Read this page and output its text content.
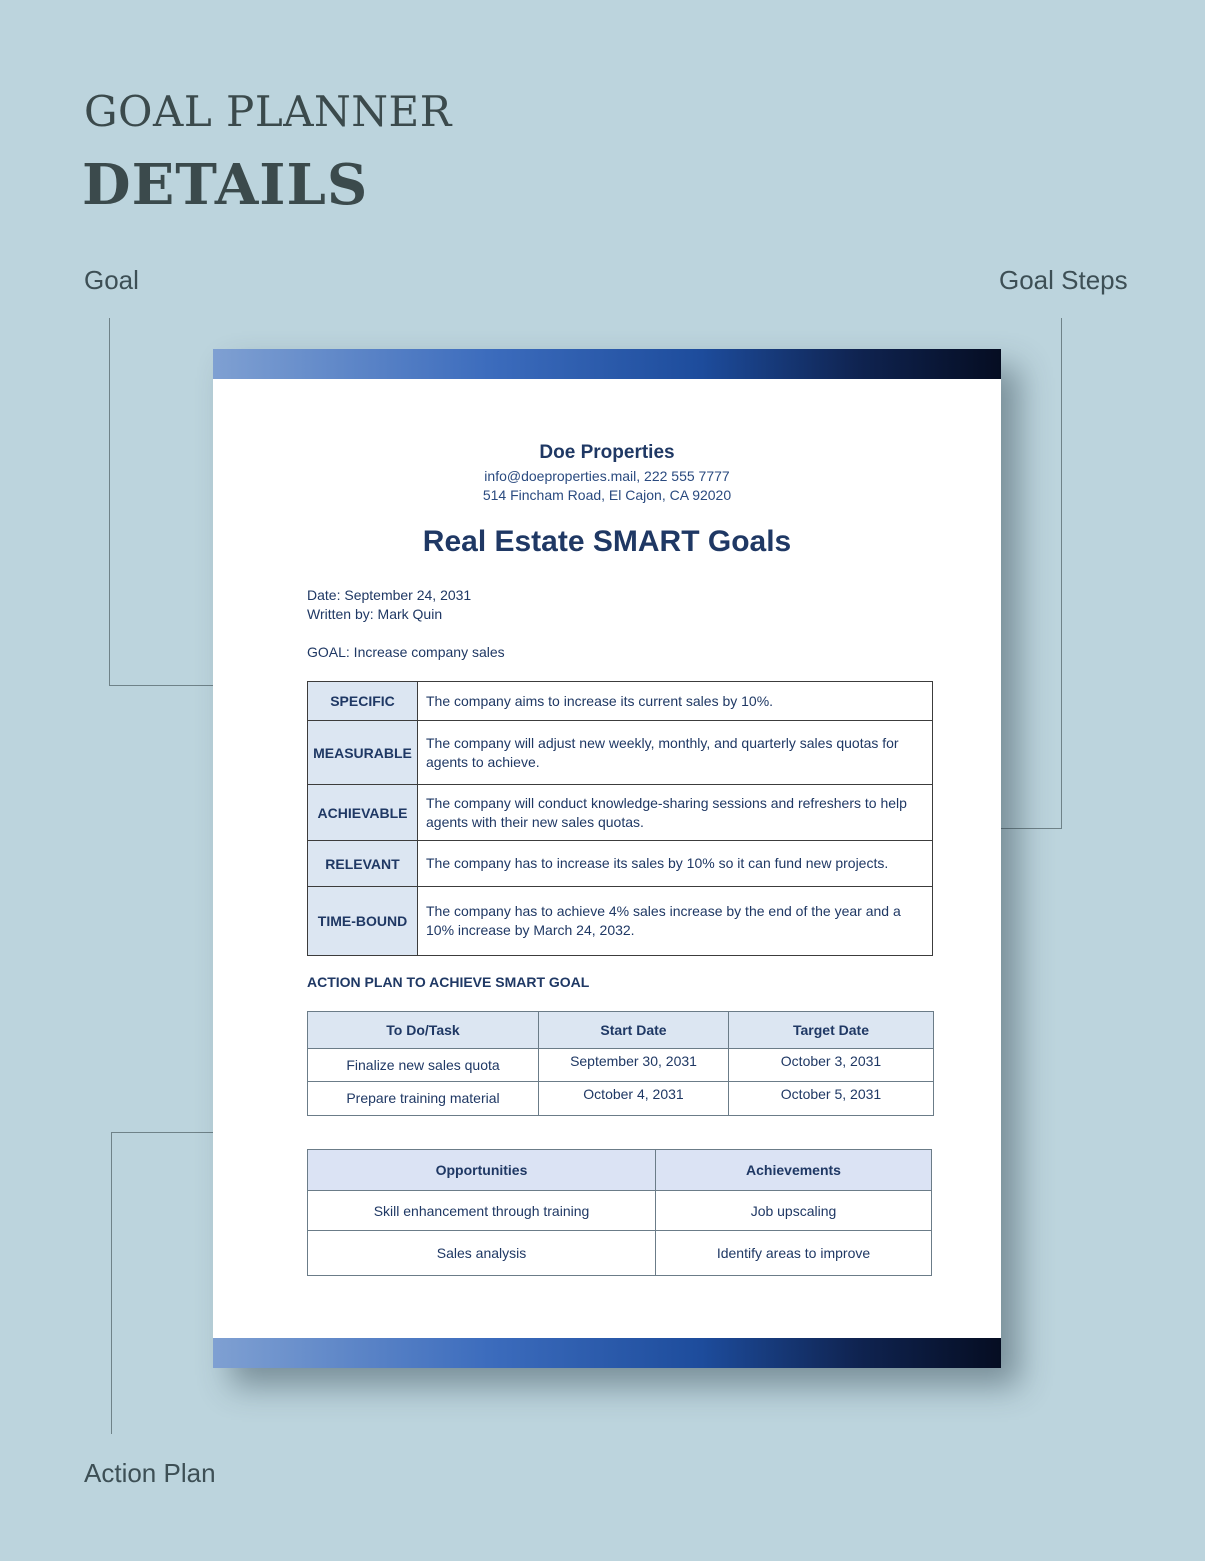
GOAL PLANNER
DETAILS
Goal	Goal Steps
Action Plan
Doe Properties
info@doeproperties.mail, 222 555 7777
514 Fincham Road, El Cajon, CA 92020
Real Estate SMART Goals
Date: September 24, 2031
Written by: Mark Quin
GOAL: Increase company sales
SPECIFIC	The company aims to increase its current sales by 10%.
MEASURABLE	The company will adjust new weekly, monthly, and quarterly sales quotas for agents to achieve.
ACHIEVABLE	The company will conduct knowledge-sharing sessions and refreshers to help agents with their new sales quotas.
RELEVANT	The company has to increase its sales by 10% so it can fund new projects.
TIME-BOUND	The company has to achieve 4% sales increase by the end of the year and a 10% increase by March 24, 2032.
ACTION PLAN TO ACHIEVE SMART GOAL
To Do/Task	Start Date	Target Date
Finalize new sales quota	September 30, 2031	October 3, 2031
Prepare training material	October 4, 2031	October 5, 2031
Opportunities	Achievements
Skill enhancement through training	Job upscaling
Sales analysis	Identify areas to improve
